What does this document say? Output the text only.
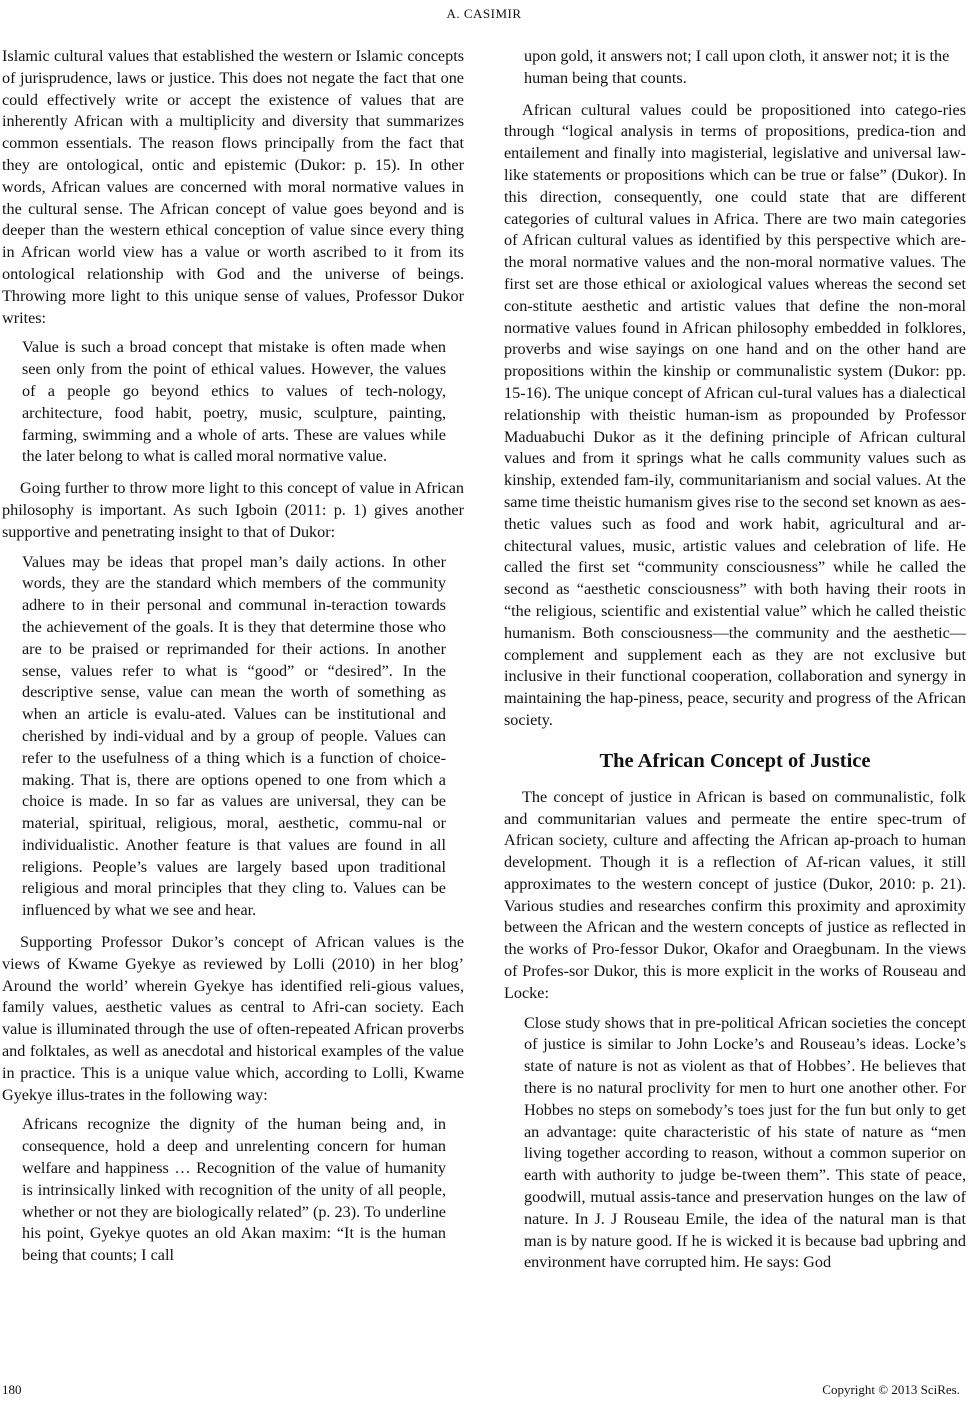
A. CASIMIR

Islamic cultural values that established the western or Islamic concepts of jurisprudence, laws or justice. This does not negate the fact that one could effectively write or accept the existence of values that are inherently African with a multiplicity and diversity that summarizes common essentials. The reason flows principally from the fact that they are ontological, ontic and epistemic (Dukor: p. 15). In other words, African values are concerned with moral normative values in the cultural sense. The African concept of value goes beyond and is deeper than the western ethical conception of value since every thing in African world view has a value or worth ascribed to it from its ontological relationship with God and the universe of beings. Throwing more light to this unique sense of values, Professor Dukor writes:

Value is such a broad concept that mistake is often made when seen only from the point of ethical values. However, the values of a people go beyond ethics to values of tech-nology, architecture, food habit, poetry, music, sculpture, painting, farming, swimming and a whole of arts. These are values while the later belong to what is called moral normative value.

Going further to throw more light to this concept of value in African philosophy is important. As such Igboin (2011: p. 1) gives another supportive and penetrating insight to that of Dukor:

Values may be ideas that propel man’s daily actions. In other words, they are the standard which members of the community adhere to in their personal and communal in-teraction towards the achievement of the goals. It is they that determine those who are to be praised or reprimanded for their actions. In another sense, values refer to what is “good” or “desired”. In the descriptive sense, value can mean the worth of something as when an article is evalu-ated. Values can be institutional and cherished by indi-vidual and by a group of people. Values can refer to the usefulness of a thing which is a function of choice-making. That is, there are options opened to one from which a choice is made. In so far as values are universal, they can be material, spiritual, religious, moral, aesthetic, commu-nal or individualistic. Another feature is that values are found in all religions. People’s values are largely based upon traditional religious and moral principles that they cling to. Values can be influenced by what we see and hear.

Supporting Professor Dukor’s concept of African values is the views of Kwame Gyekye as reviewed by Lolli (2010) in her blog’ Around the world’ wherein Gyekye has identified reli-gious values, family values, aesthetic values as central to Afri-can society. Each value is illuminated through the use of often-repeated African proverbs and folktales, as well as anecdotal and historical examples of the value in practice. This is a unique value which, according to Lolli, Kwame Gyekye illus-trates in the following way:

Africans recognize the dignity of the human being and, in consequence, hold a deep and unrelenting concern for human welfare and happiness … Recognition of the value of humanity is intrinsically linked with recognition of the unity of all people, whether or not they are biologically related” (p. 23). To underline his point, Gyekye quotes an old Akan maxim: “It is the human being that counts; I call

upon gold, it answers not; I call upon cloth, it answer not; it is the human being that counts.

African cultural values could be propositioned into catego-ries through “logical analysis in terms of propositions, predica-tion and entailement and finally into magisterial, legislative and universal law-like statements or propositions which can be true or false” (Dukor). In this direction, consequently, one could state that are different categories of cultural values in Africa. There are two main categories of African cultural values as identified by this perspective which are-the moral normative values and the non-moral normative values. The first set are those ethical or axiological values whereas the second set con-stitute aesthetic and artistic values that define the non-moral normative values found in African philosophy embedded in folklores, proverbs and wise sayings on one hand and on the other hand are propositions within the kinship or communalistic system (Dukor: pp. 15-16). The unique concept of African cul-tural values has a dialectical relationship with theistic human-ism as propounded by Professor Maduabuchi Dukor as it the defining principle of African cultural values and from it springs what he calls community values such as kinship, extended fam-ily, communitarianism and social values. At the same time theistic humanism gives rise to the second set known as aes-thetic values such as food and work habit, agricultural and ar-chitectural values, music, artistic values and celebration of life. He called the first set “community consciousness” while he called the second as “aesthetic consciousness” with both having their roots in “the religious, scientific and existential value” which he called theistic humanism. Both consciousness—the community and the aesthetic—complement and supplement each as they are not exclusive but inclusive in their functional cooperation, collaboration and synergy in maintaining the hap-piness, peace, security and progress of the African society.

The African Concept of Justice

The concept of justice in African is based on communalistic, folk and communitarian values and permeate the entire spec-trum of African society, culture and affecting the African ap-proach to human development. Though it is a reflection of Af-rican values, it still approximates to the western concept of justice (Dukor, 2010: p. 21). Various studies and researches confirm this proximity and aproximity between the African and the western concepts of justice as reflected in the works of Pro-fessor Dukor, Okafor and Oraegbunam. In the views of Profes-sor Dukor, this is more explicit in the works of Rouseau and Locke:

Close study shows that in pre-political African societies the concept of justice is similar to John Locke’s and Rouseau’s ideas. Locke’s state of nature is not as violent as that of Hobbes’. He believes that there is no natural proclivity for men to hurt one another other. For Hobbes no steps on somebody’s toes just for the fun but only to get an advantage: quite characteristic of his state of nature as “men living together according to reason, without a common superior on earth with authority to judge be-tween them”. This state of peace, goodwill, mutual assis-tance and preservation hunges on the law of nature. In J. J Rouseau Emile, the idea of the natural man is that man is by nature good. If he is wicked it is because bad upbring and environment have corrupted him. He says: God

180	Copyright © 2013 SciRes.
